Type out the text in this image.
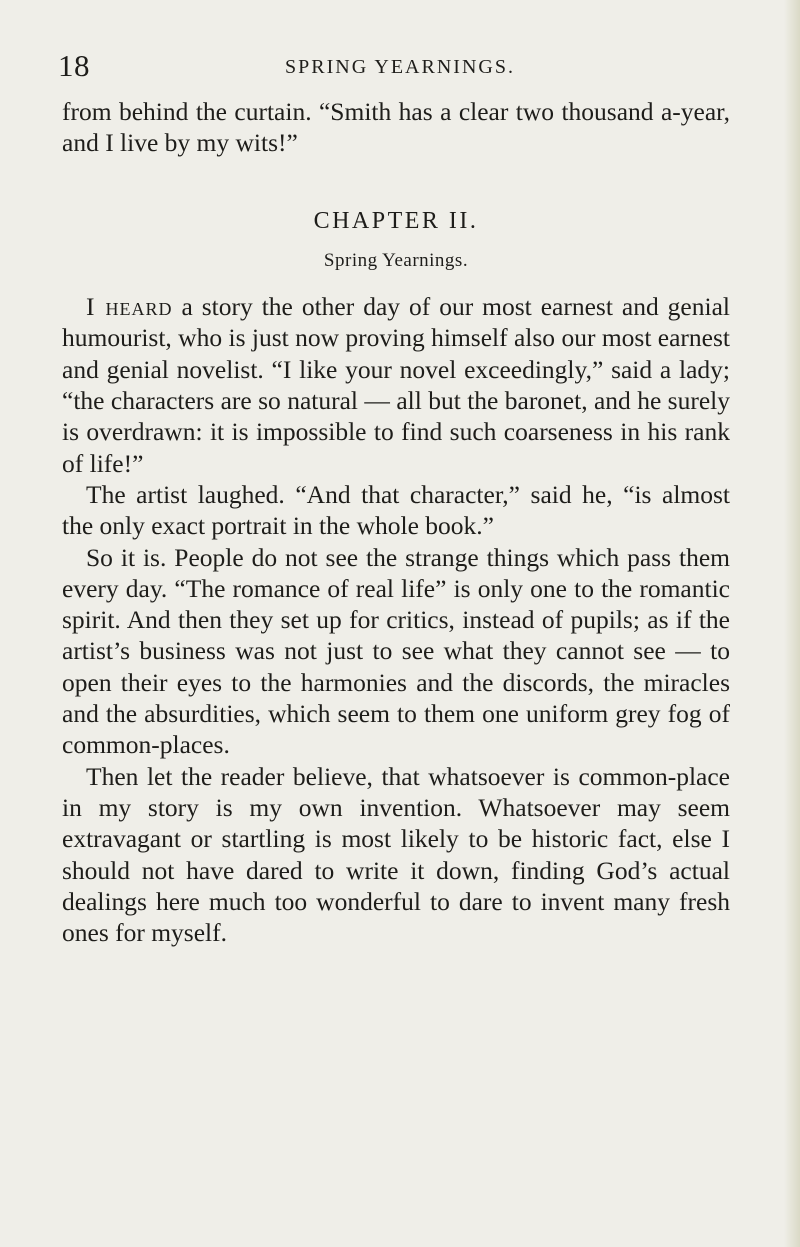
18	SPRING YEARNINGS.

from behind the curtain. “Smith has a clear two thousand a-year, and I live by my wits!”

CHAPTER II.
Spring Yearnings.

I heard a story the other day of our most earnest and genial humourist, who is just now proving himself also our most earnest and genial novelist. “I like your novel exceedingly,” said a lady; “the characters are so natural — all but the baronet, and he surely is overdrawn: it is impossible to find such coarseness in his rank of life!”

The artist laughed. “And that character,” said he, “is almost the only exact portrait in the whole book.”

So it is. People do not see the strange things which pass them every day. “The romance of real life” is only one to the romantic spirit. And then they set up for critics, instead of pupils; as if the artist’s business was not just to see what they cannot see — to open their eyes to the harmonies and the discords, the miracles and the absurdities, which seem to them one uniform grey fog of common-places.

Then let the reader believe, that whatsoever is common-place in my story is my own invention. Whatsoever may seem extravagant or startling is most likely to be historic fact, else I should not have dared to write it down, finding God’s actual dealings here much too wonderful to dare to invent many fresh ones for myself.
